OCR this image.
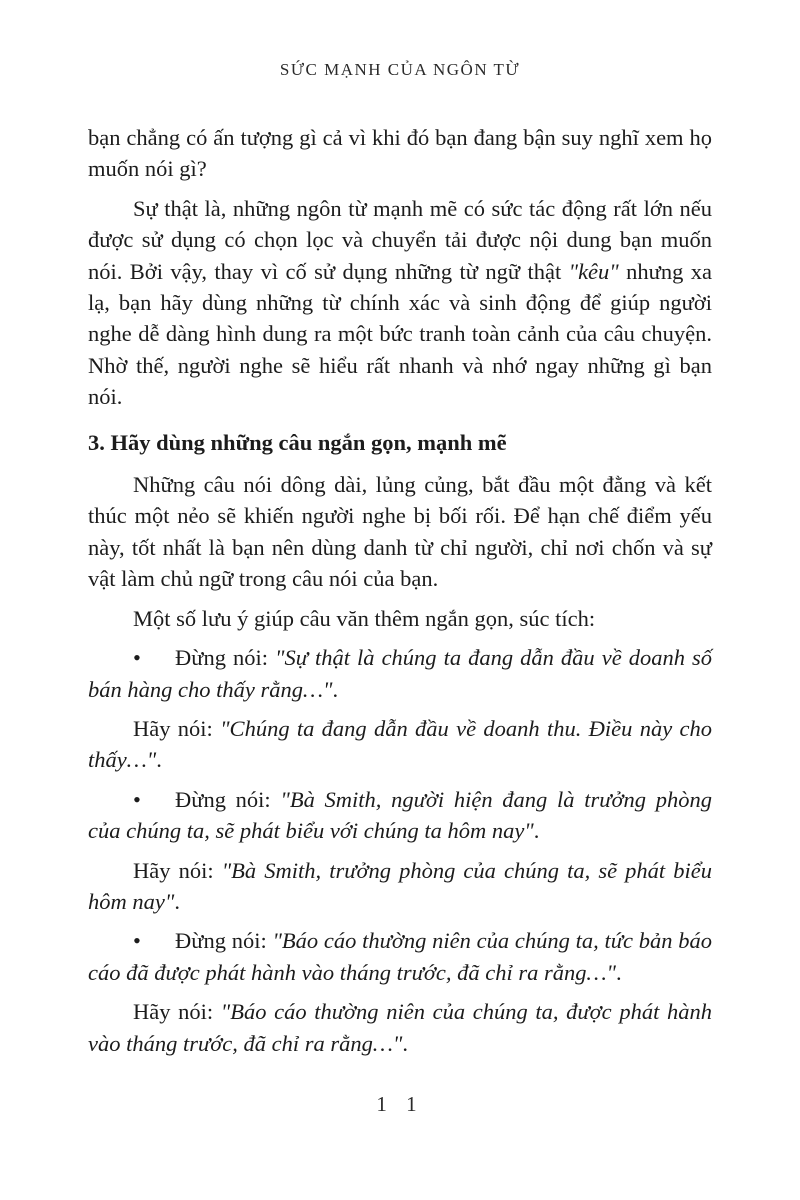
SỨC MẠNH CỦA NGÔN TỪ

bạn chẳng có ấn tượng gì cả vì khi đó bạn đang bận suy nghĩ xem họ muốn nói gì?

Sự thật là, những ngôn từ mạnh mẽ có sức tác động rất lớn nếu được sử dụng có chọn lọc và chuyển tải được nội dung bạn muốn nói. Bởi vậy, thay vì cố sử dụng những từ ngữ thật "kêu" nhưng xa lạ, bạn hãy dùng những từ chính xác và sinh động để giúp người nghe dễ dàng hình dung ra một bức tranh toàn cảnh của câu chuyện. Nhờ thế, người nghe sẽ hiểu rất nhanh và nhớ ngay những gì bạn nói.

3. Hãy dùng những câu ngắn gọn, mạnh mẽ

Những câu nói dông dài, lủng củng, bắt đầu một đằng và kết thúc một nẻo sẽ khiến người nghe bị bối rối. Để hạn chế điểm yếu này, tốt nhất là bạn nên dùng danh từ chỉ người, chỉ nơi chốn và sự vật làm chủ ngữ trong câu nói của bạn.

Một số lưu ý giúp câu văn thêm ngắn gọn, súc tích:

• Đừng nói: "Sự thật là chúng ta đang dẫn đầu về doanh số bán hàng cho thấy rằng…".

Hãy nói: "Chúng ta đang dẫn đầu về doanh thu. Điều này cho thấy…".

• Đừng nói: "Bà Smith, người hiện đang là trưởng phòng của chúng ta, sẽ phát biểu với chúng ta hôm nay".

Hãy nói: "Bà Smith, trưởng phòng của chúng ta, sẽ phát biểu hôm nay".

• Đừng nói: "Báo cáo thường niên của chúng ta, tức bản báo cáo đã được phát hành vào tháng trước, đã chỉ ra rằng…".

Hãy nói: "Báo cáo thường niên của chúng ta, được phát hành vào tháng trước, đã chỉ ra rằng…".

1 1
